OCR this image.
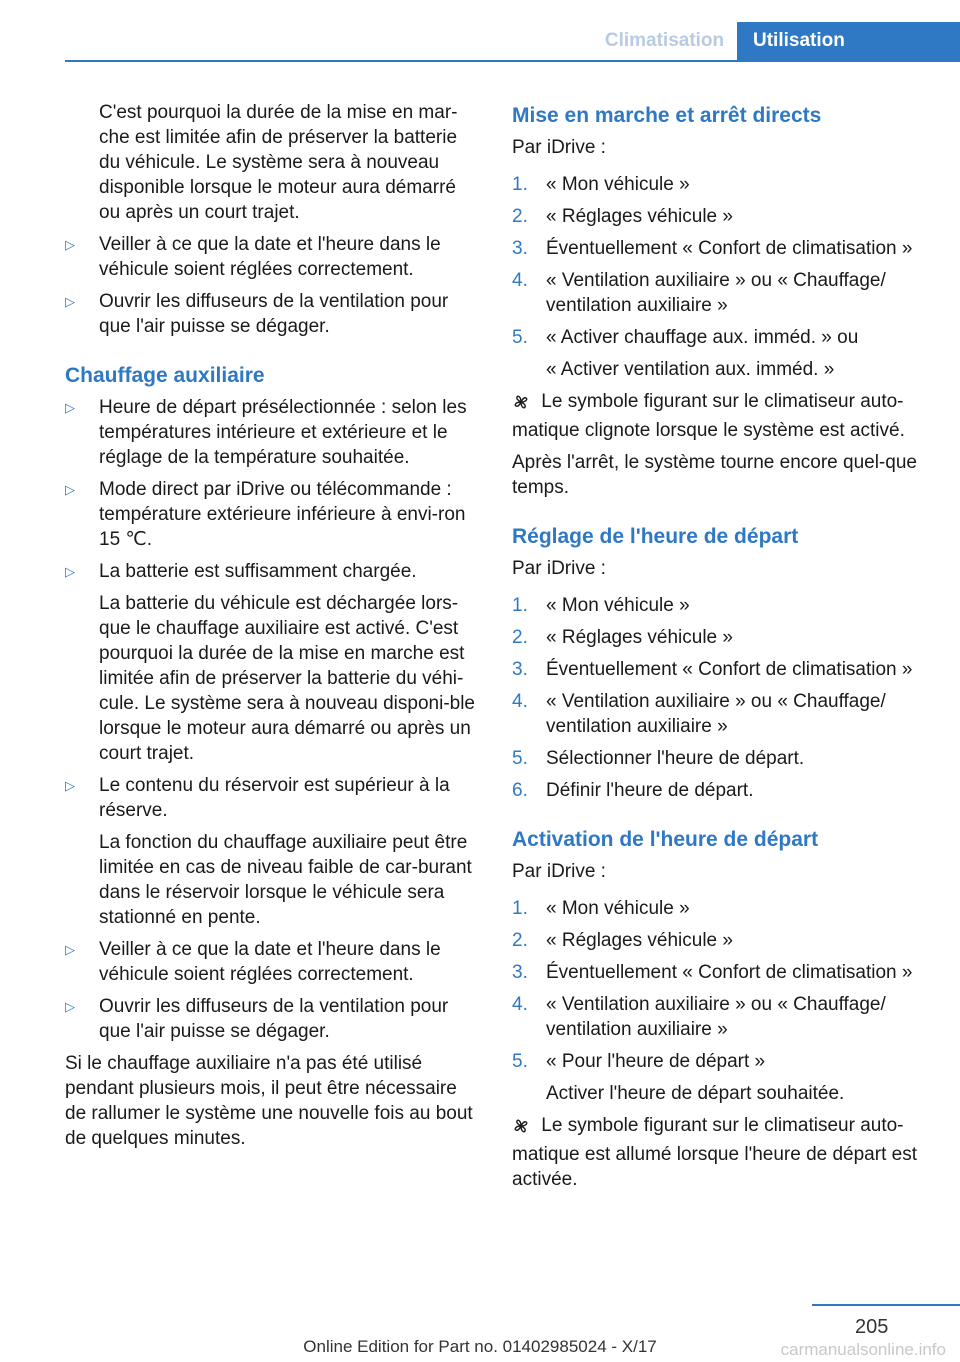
Climatisation	Utilisation

C'est pourquoi la durée de la mise en mar-che est limitée afin de préserver la batterie du véhicule. Le système sera à nouveau disponible lorsque le moteur aura démarré ou après un court trajet.

▷	Veiller à ce que la date et l'heure dans le véhicule soient réglées correctement.
▷	Ouvrir les diffuseurs de la ventilation pour que l'air puisse se dégager.
Chauffage auxiliaire
▷	Heure de départ présélectionnée : selon les températures intérieure et extérieure et le réglage de la température souhaitée.
▷	Mode direct par iDrive ou télécommande : température extérieure inférieure à envi-ron 15 ℃.
▷	La batterie est suffisamment chargée.

La batterie du véhicule est déchargée lors-que le chauffage auxiliaire est activé. C'est pourquoi la durée de la mise en marche est limitée afin de préserver la batterie du véhi-cule. Le système sera à nouveau disponi-ble lorsque le moteur aura démarré ou après un court trajet.

▷	Le contenu du réservoir est supérieur à la réserve.

La fonction du chauffage auxiliaire peut être limitée en cas de niveau faible de car-burant dans le réservoir lorsque le véhicule sera stationné en pente.

▷	Veiller à ce que la date et l'heure dans le véhicule soient réglées correctement.
▷	Ouvrir les diffuseurs de la ventilation pour que l'air puisse se dégager.

Si le chauffage auxiliaire n'a pas été utilisé pendant plusieurs mois, il peut être nécessaire de rallumer le système une nouvelle fois au bout de quelques minutes.

Mise en marche et arrêt directs

Par iDrive :

1. « Mon véhicule »
2. « Réglages véhicule »
3. Éventuellement « Confort de climatisation »
4. « Ventilation auxiliaire » ou « Chauffage/ ventilation auxiliaire »
5. « Activer chauffage aux. imméd. » ou

« Activer ventilation aux. imméd. »

Le symbole figurant sur le climatiseur auto-matique clignote lorsque le système est activé.

Après l'arrêt, le système tourne encore quel-que temps.

Réglage de l'heure de départ

Par iDrive :

1. « Mon véhicule »
2. « Réglages véhicule »
3. Éventuellement « Confort de climatisation »
4. « Ventilation auxiliaire » ou « Chauffage/ ventilation auxiliaire »
5. Sélectionner l'heure de départ.
6. Définir l'heure de départ.
Activation de l'heure de départ

Par iDrive :

1. « Mon véhicule »
2. « Réglages véhicule »
3. Éventuellement « Confort de climatisation »
4. « Ventilation auxiliaire » ou « Chauffage/ ventilation auxiliaire »
5. « Pour l'heure de départ »

Activer l'heure de départ souhaitée.

Le symbole figurant sur le climatiseur auto-matique est allumé lorsque l'heure de départ est activée.

205
Online Edition for Part no. 01402985024 - X/17	carmanualsonline.info
